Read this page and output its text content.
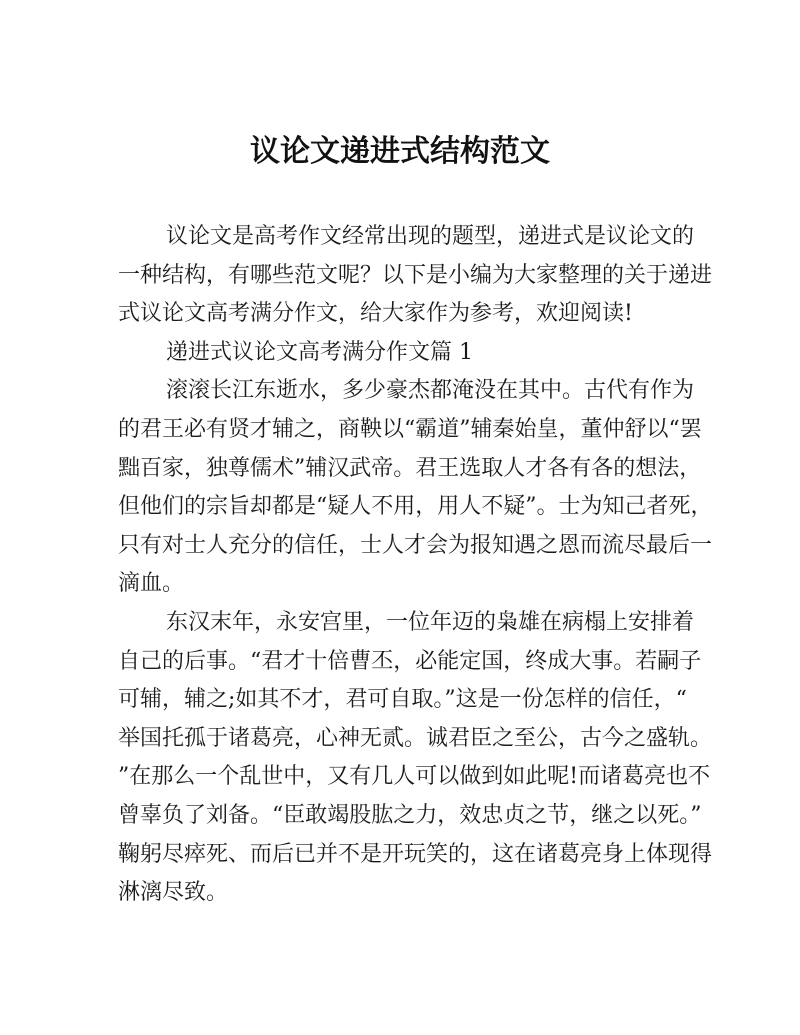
议论文递进式结构范文
议论文是高考作文经常出现的题型，递进式是议论文的
一种结构，有哪些范文呢？以下是小编为大家整理的关于递进
式议论文高考满分作文，给大家作为参考，欢迎阅读!
递进式议论文高考满分作文篇 1
滚滚长江东逝水，多少豪杰都淹没在其中。古代有作为
的君王必有贤才辅之，商鞅以“霸道”辅秦始皇，董仲舒以“罢
黜百家，独尊儒术”辅汉武帝。君王选取人才各有各的想法，
但他们的宗旨却都是“疑人不用，用人不疑”。士为知己者死，
只有对士人充分的信任，士人才会为报知遇之恩而流尽最后一
滴血。
东汉末年，永安宫里，一位年迈的枭雄在病榻上安排着
自己的后事。“君才十倍曹丕，必能定国，终成大事。若嗣子
可辅，辅之;如其不才，君可自取。”这是一份怎样的信任，“
举国托孤于诸葛亮，心神无贰。诚君臣之至公，古今之盛轨。
”在那么一个乱世中，又有几人可以做到如此呢!而诸葛亮也不
曾辜负了刘备。“臣敢竭股肱之力，效忠贞之节，继之以死。”
鞠躬尽瘁死、而后已并不是开玩笑的，这在诸葛亮身上体现得
淋漓尽致。
